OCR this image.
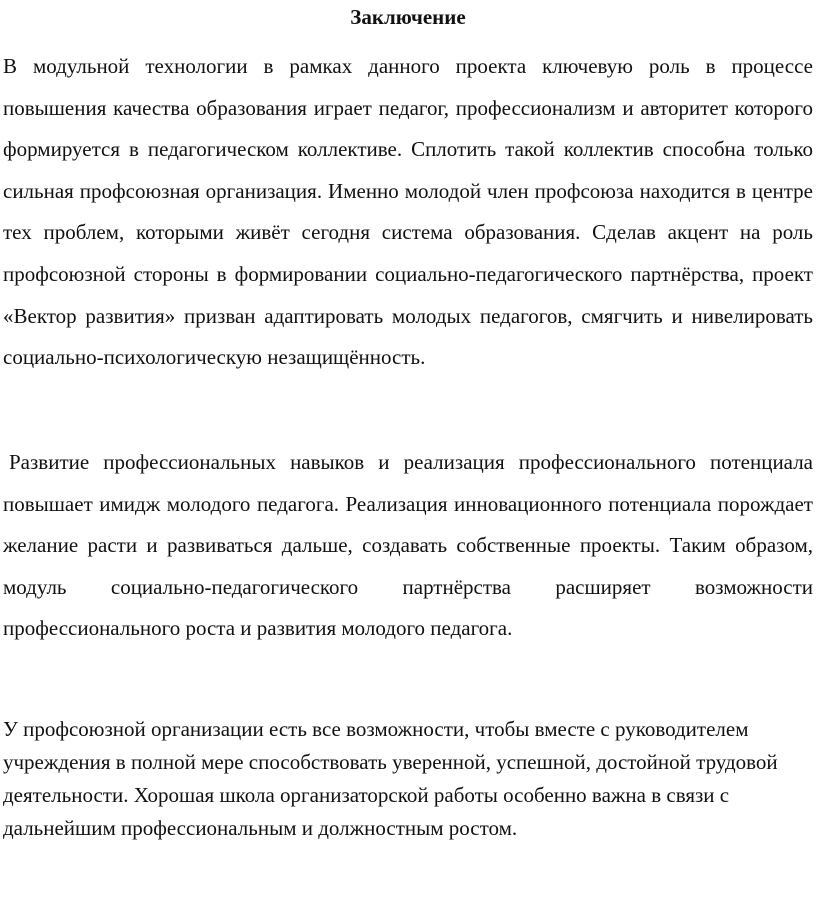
Заключение

В модульной технологии в рамках данного проекта ключевую роль в процессе повышения качества образования играет педагог, профессионализм и авторитет которого формируется в педагогическом коллективе. Сплотить такой коллектив способна только сильная профсоюзная организация. Именно молодой член профсоюза находится в центре тех проблем, которыми живёт сегодня система образования. Сделав акцент на роль профсоюзной стороны в формировании социально-педагогического партнёрства, проект «Вектор развития» призван адаптировать молодых педагогов, смягчить и нивелировать социально-психологическую незащищённость.

Развитие профессиональных навыков и реализация профессионального потенциала повышает имидж молодого педагога. Реализация инновационного потенциала порождает желание расти и развиваться дальше, создавать собственные проекты. Таким образом, модуль социально-педагогического партнёрства расширяет возможности профессионального роста и развития молодого педагога.

У профсоюзной организации есть все возможности, чтобы вместе с руководителем учреждения в полной мере способствовать уверенной, успешной, достойной трудовой деятельности. Хорошая школа организаторской работы особенно важна в связи с дальнейшим профессиональным и должностным ростом.
